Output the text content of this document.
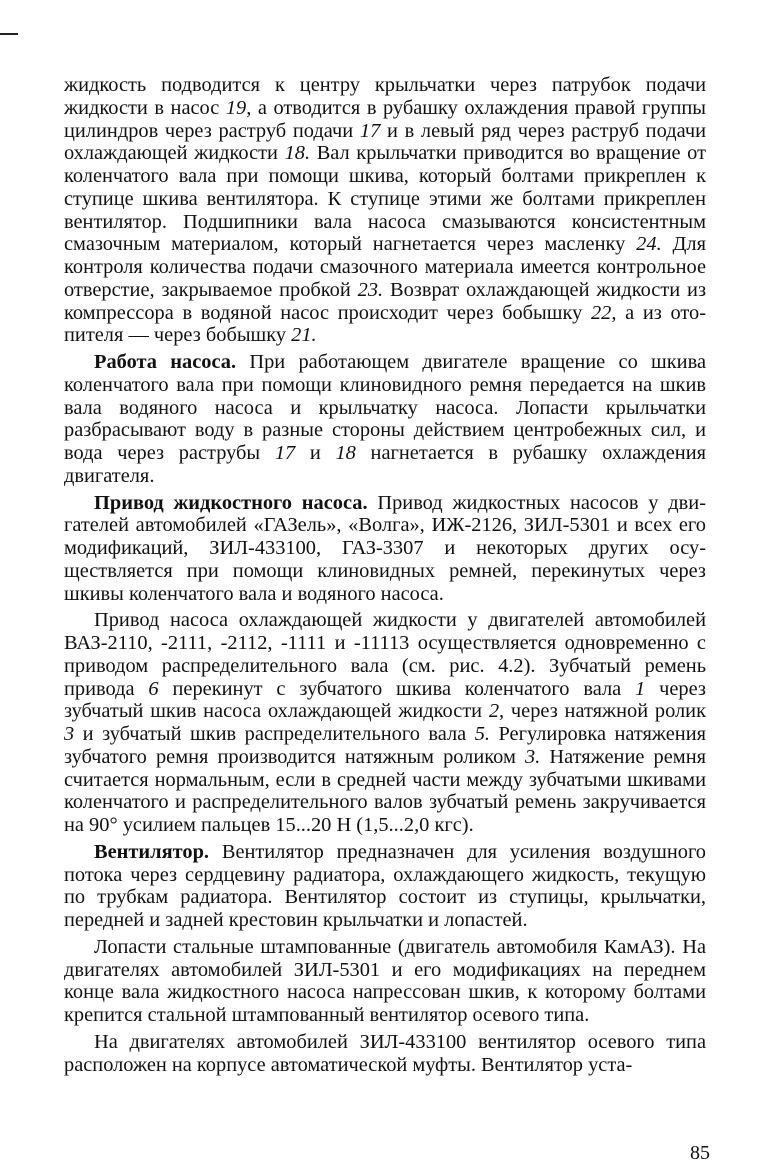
жидкость подводится к центру крыльчатки через патрубок подачи жидкости в насос 19, а отводится в рубашку охлаждения правой группы цилиндров через раструб подачи 17 и в левый ряд через раструб подачи охлаждающей жидкости 18. Вал крыльчатки приводится во вращение от коленчатого вала при помощи шкива, который болтами прикреплен к ступице шкива вентилятора. К ступице этими же болтами прикреплен вентилятор. Подшипники вала насоса смазываются консистентным смазочным материалом, который нагнетается через масленку 24. Для контроля количества подачи смазочного материала имеется контрольное отверстие, закрываемое пробкой 23. Возврат охлаждающей жидкости из компрессора в водяной насос происходит через бобышку 22, а из отопителя — через бобышку 21.

Работа насоса. При работающем двигателе вращение со шкива коленчатого вала при помощи клиновидного ремня передается на шкив вала водяного насоса и крыльчатку насоса. Лопасти крыльчатки разбрасывают воду в разные стороны действием центробежных сил, и вода через раструбы 17 и 18 нагнетается в рубашку охлаждения двигателя.

Привод жидкостного насоса. Привод жидкостных насосов у двигателей автомобилей «ГАЗель», «Волга», ИЖ-2126, ЗИЛ-5301 и всех его модификаций, ЗИЛ-433100, ГАЗ-3307 и некоторых других осуществляется при помощи клиновидных ремней, перекинутых через шкивы коленчатого вала и водяного насоса.

Привод насоса охлаждающей жидкости у двигателей автомобилей ВАЗ-2110, -2111, -2112, -1111 и -11113 осуществляется одновременно с приводом распределительного вала (см. рис. 4.2). Зубчатый ремень привода 6 перекинут с зубчатого шкива коленчатого вала 1 через зубчатый шкив насоса охлаждающей жидкости 2, через натяжной ролик 3 и зубчатый шкив распределительного вала 5. Регулировка натяжения зубчатого ремня производится натяжным роликом 3. Натяжение ремня считается нормальным, если в средней части между зубчатыми шкивами коленчатого и распределительного валов зубчатый ремень закручивается на 90° усилием пальцев 15...20 Н (1,5...2,0 кгс).

Вентилятор. Вентилятор предназначен для усиления воздушного потока через сердцевину радиатора, охлаждающего жидкость, текущую по трубкам радиатора. Вентилятор состоит из ступицы, крыльчатки, передней и задней крестовин крыльчатки и лопастей.

Лопасти стальные штампованные (двигатель автомобиля КамАЗ). На двигателях автомобилей ЗИЛ-5301 и его модификациях на переднем конце вала жидкостного насоса напрессован шкив, к которому болтами крепится стальной штампованный вентилятор осевого типа.

На двигателях автомобилей ЗИЛ-433100 вентилятор осевого типа расположен на корпусе автоматической муфты. Вентилятор уста-

85
